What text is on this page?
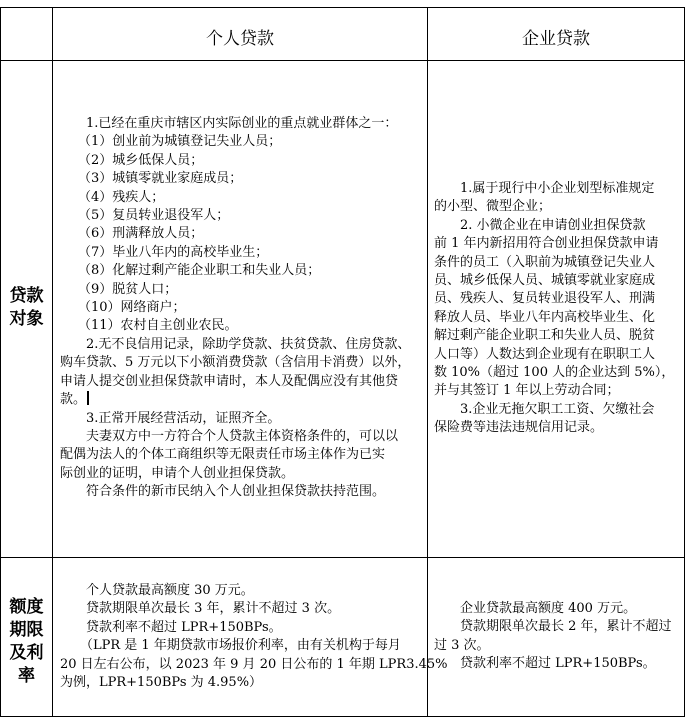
个人贷款	企业贷款
贷款
对象
额度
期限
及利
率

1.已经在重庆市辖区内实际创业的重点就业群体之一：

（1）创业前为城镇登记失业人员；

（2）城乡低保人员；

（3）城镇零就业家庭成员；

（4）残疾人；

（5）复员转业退役军人；

（6）刑满释放人员；

（7）毕业八年内的高校毕业生；

（8）化解过剩产能企业职工和失业人员；

（9）脱贫人口；

（10）网络商户；

（11）农村自主创业农民。

2.无不良信用记录，除助学贷款、扶贫贷款、住房贷款、

购车贷款、5 万元以下小额消费贷款（含信用卡消费）以外，

申请人提交创业担保贷款申请时，本人及配偶应没有其他贷

款。

3.正常开展经营活动，证照齐全。

夫妻双方中一方符合个人贷款主体资格条件的，可以以

配偶为法人的个体工商组织等无限责任市场主体作为已实

际创业的证明，申请个人创业担保贷款。

符合条件的新市民纳入个人创业担保贷款扶持范围。

1.属于现行中小企业划型标准规定

的小型、微型企业；

2. 小微企业在申请创业担保贷款

前 1 年内新招用符合创业担保贷款申请

条件的员工（入职前为城镇登记失业人

员、城乡低保人员、城镇零就业家庭成

员、残疾人、复员转业退役军人、刑满

释放人员、毕业八年内高校毕业生、化

解过剩产能企业职工和失业人员、脱贫

人口等）人数达到企业现有在职职工人

数 10%（超过 100 人的企业达到 5%），

并与其签订 1 年以上劳动合同；

3.企业无拖欠职工工资、欠缴社会

保险费等违法违规信用记录。

个人贷款最高额度 30 万元。

贷款期限单次最长 3 年，累计不超过 3 次。

贷款利率不超过 LPR+150BPs。

（LPR 是 1 年期贷款市场报价利率，由有关机构于每月

20 日左右公布，以 2023 年 9 月 20 日公布的 1 年期 LPR3.45%

为例，LPR+150BPs 为 4.95%）

企业贷款最高额度 400 万元。

贷款期限单次最长 2 年，累计不超过

过 3 次。

贷款利率不超过 LPR+150BPs。
